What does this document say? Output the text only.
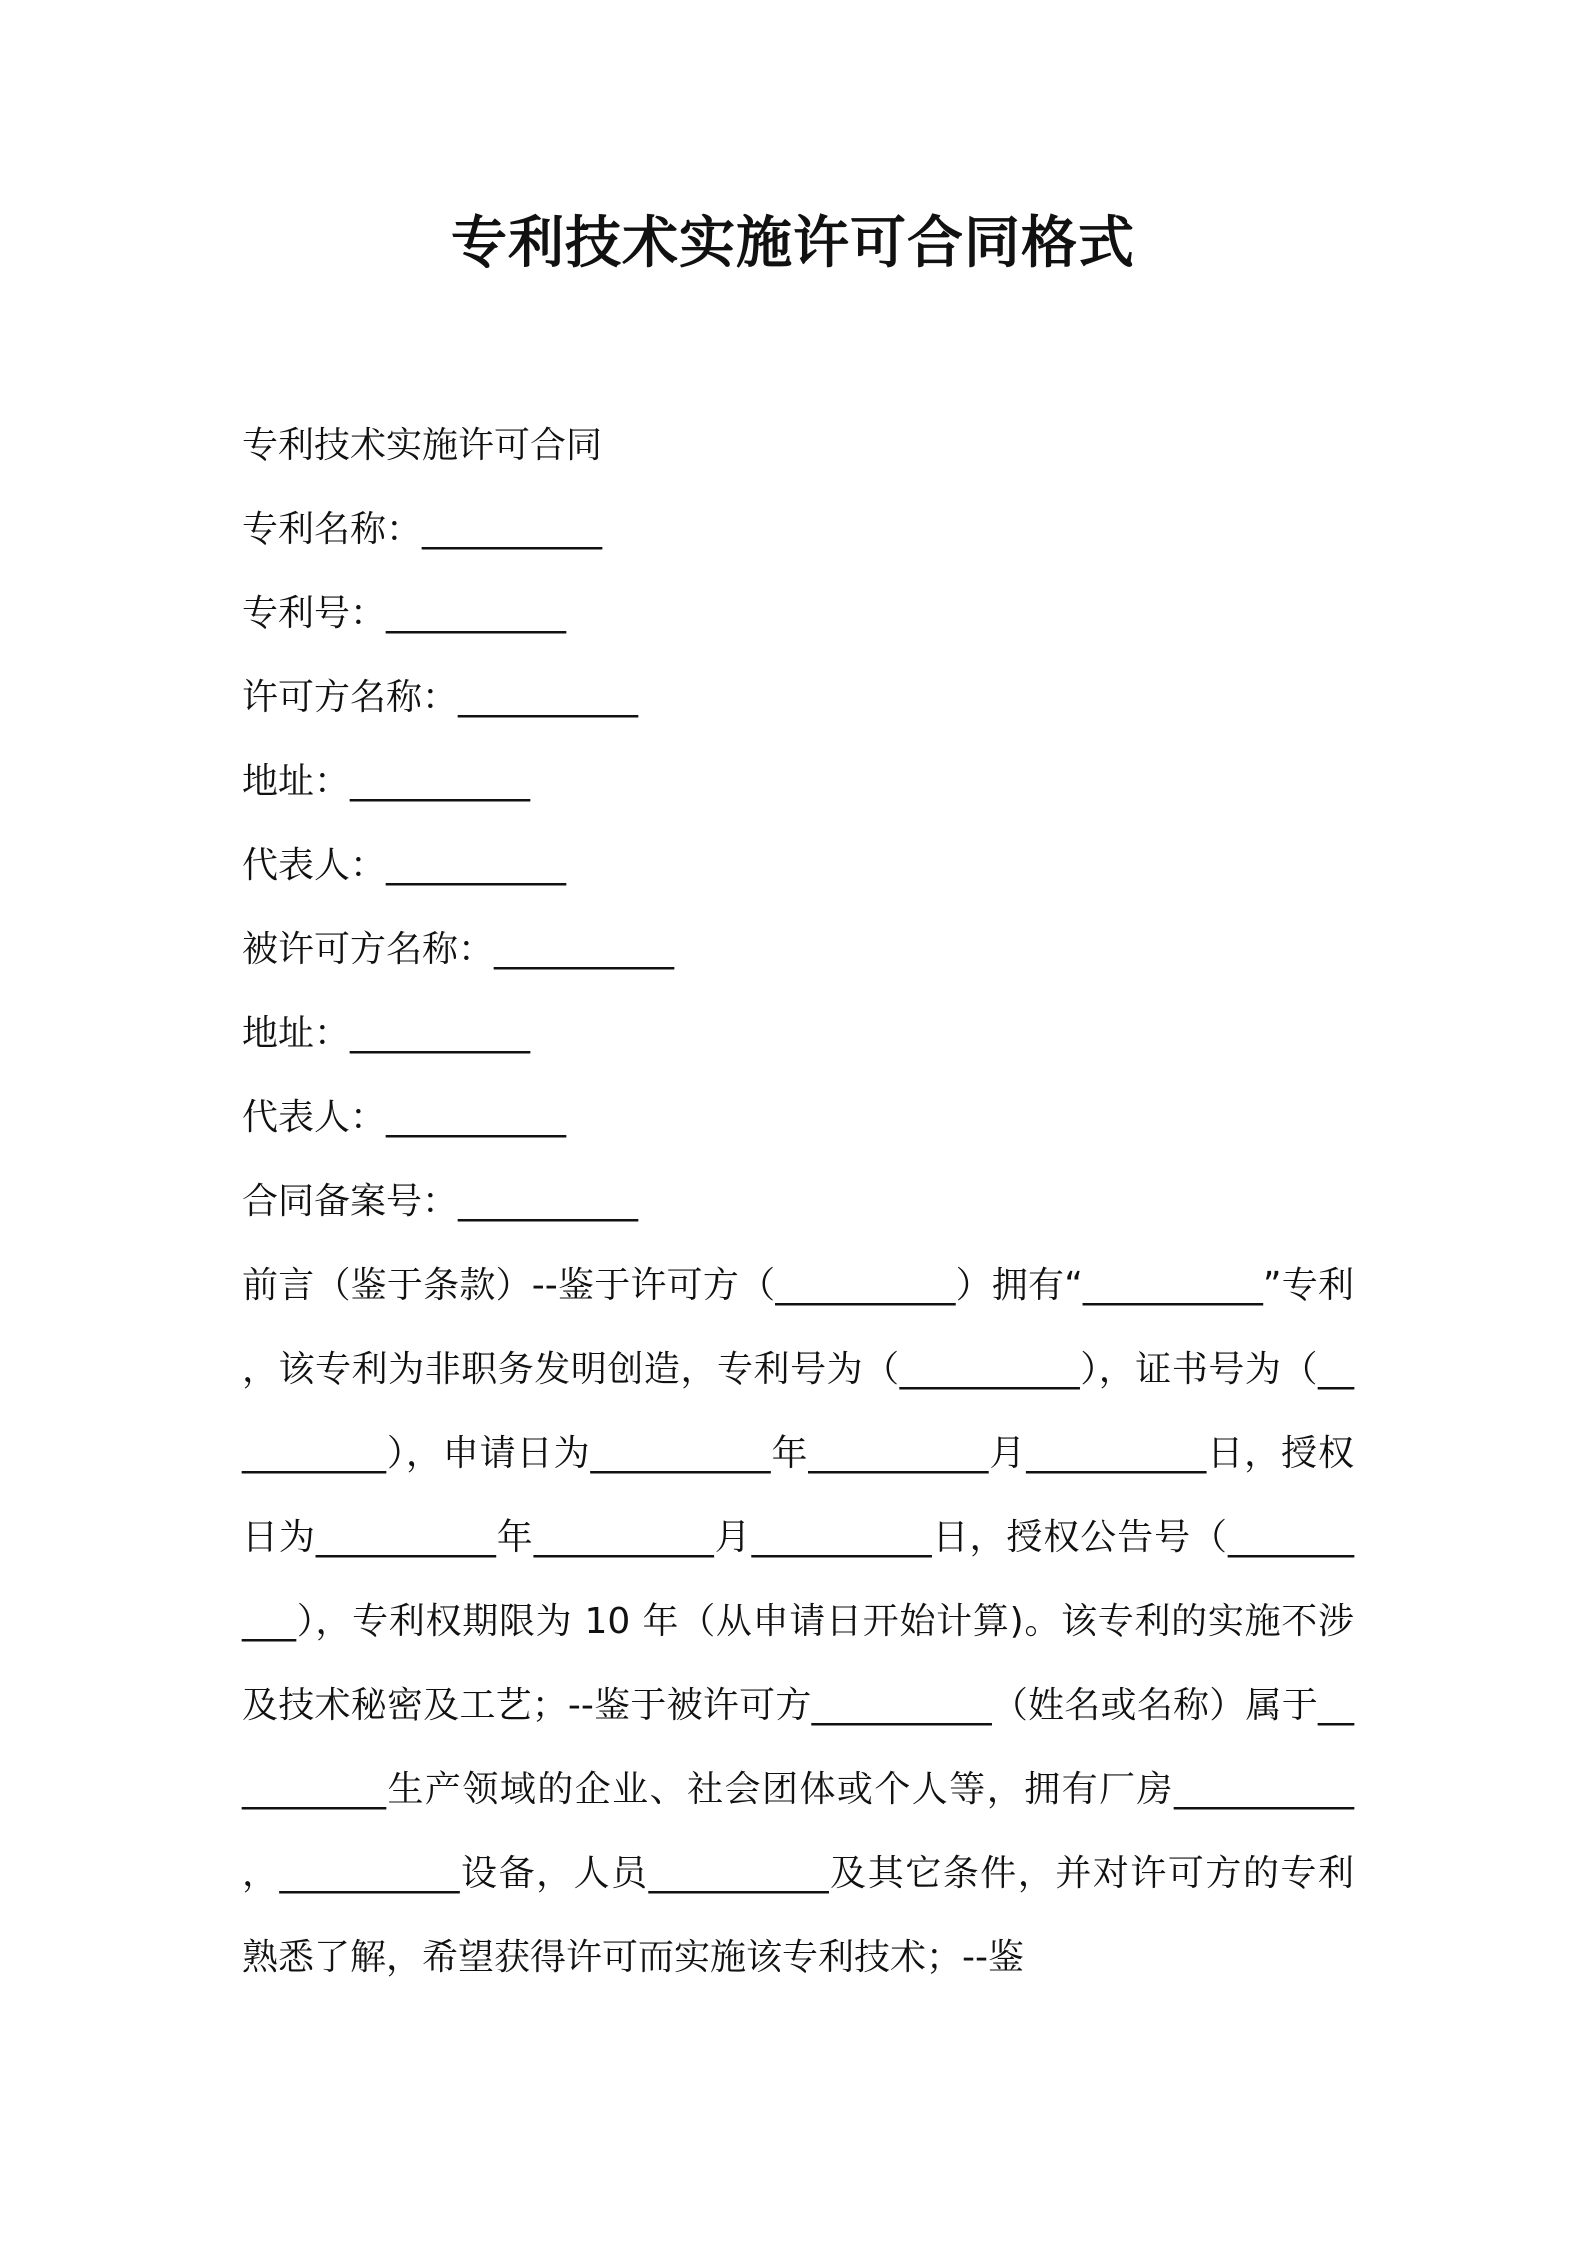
专利技术实施许可合同格式
专利技术实施许可合同
专利名称：__________
专利号：__________
许可方名称：__________
地址：__________
代表人：__________
被许可方名称：__________
地址：__________
代表人：__________
合同备案号：__________

前言（鉴于条款）--鉴于许可方（__________）拥有“__________”专利，该专利为非职务发明创造，专利号为（__________），证书号为（__________），申请日为__________年__________月__________日，授权日为__________年__________月__________日，授权公告号（__________），专利权期限为 10 年（从申请日开始计算)。该专利的实施不涉及技术秘密及工艺；--鉴于被许可方__________（姓名或名称）属于__________生产领域的企业、社会团体或个人等，拥有厂房__________，__________设备，人员__________及其它条件，并对许可方的专利熟悉了解，希望获得许可而实施该专利技术；--鉴
